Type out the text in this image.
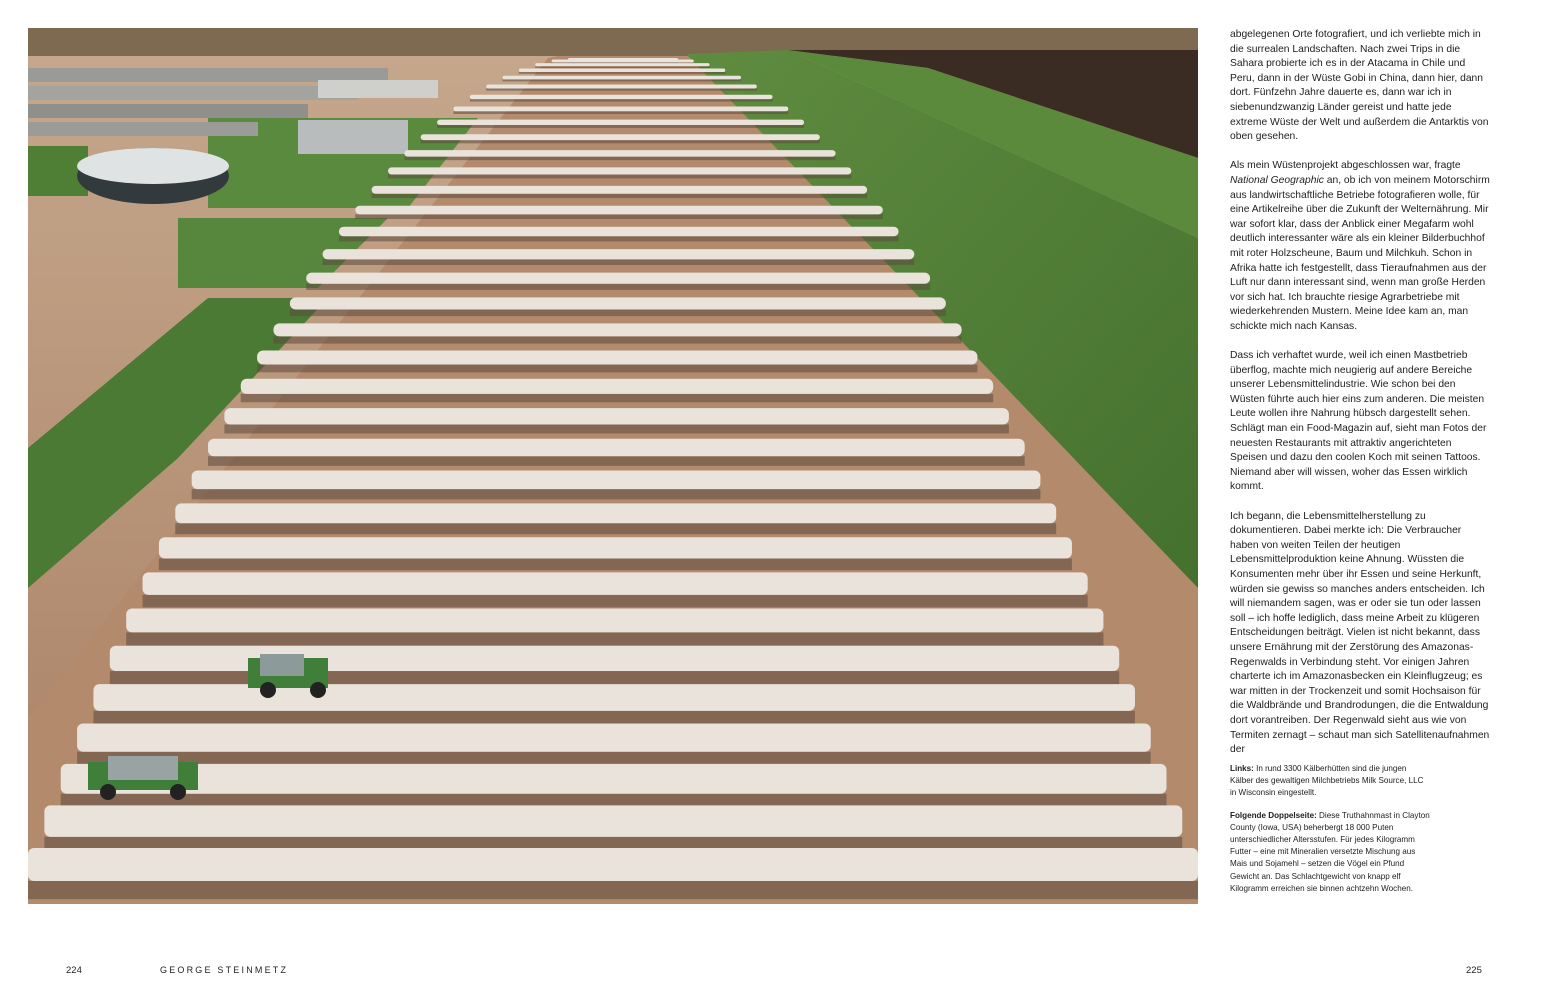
abgelegenen Orte fotografiert, und ich verliebte mich in die surrealen Landschaften. Nach zwei Trips in die Sahara probierte ich es in der Atacama in Chile und Peru, dann in der Wüste Gobi in China, dann hier, dann dort. Fünfzehn Jahre dauerte es, dann war ich in siebenundzwanzig Länder gereist und hatte jede extreme Wüste der Welt und außerdem die Antarktis von oben gesehen.

Als mein Wüstenprojekt abgeschlossen war, fragte National Geographic an, ob ich von meinem Motorschirm aus landwirtschaftliche Betriebe fotografieren wolle, für eine Artikelreihe über die Zukunft der Welternährung. Mir war sofort klar, dass der Anblick einer Megafarm wohl deutlich interessanter wäre als ein kleiner Bilderbuchhof mit roter Holzscheune, Baum und Milchkuh. Schon in Afrika hatte ich festgestellt, dass Tieraufnahmen aus der Luft nur dann interessant sind, wenn man große Herden vor sich hat. Ich brauchte riesige Agrarbetriebe mit wiederkehrenden Mustern. Meine Idee kam an, man schickte mich nach Kansas.

Dass ich verhaftet wurde, weil ich einen Mastbetrieb überflog, machte mich neugierig auf andere Bereiche unserer Lebensmittelindustrie. Wie schon bei den Wüsten führte auch hier eins zum anderen. Die meisten Leute wollen ihre Nahrung hübsch dargestellt sehen. Schlägt man ein Food-Magazin auf, sieht man Fotos der neuesten Restaurants mit attraktiv angerichteten Speisen und dazu den coolen Koch mit seinen Tattoos. Niemand aber will wissen, woher das Essen wirklich kommt.

Ich begann, die Lebensmittelherstellung zu dokumentieren. Dabei merkte ich: Die Verbraucher haben von weiten Teilen der heutigen Lebensmittelproduktion keine Ahnung. Wüssten die Konsumenten mehr über ihr Essen und seine Herkunft, würden sie gewiss so manches anders entscheiden. Ich will niemandem sagen, was er oder sie tun oder lassen soll – ich hoffe lediglich, dass meine Arbeit zu klügeren Entscheidungen beiträgt. Vielen ist nicht bekannt, dass unsere Ernährung mit der Zerstörung des Amazonas-Regenwalds in Verbindung steht. Vor einigen Jahren charterte ich im Amazonasbecken ein Kleinflugzeug; es war mitten in der Trockenzeit und somit Hochsaison für die Waldbrände und Brandrodungen, die die Entwaldung dort vorantreiben. Der Regenwald sieht aus wie von Termiten zernagt – schaut man sich Satellitenaufnahmen der

Links: In rund 3300 Kälberhütten sind die jungen Kälber des gewaltigen Milchbetriebs Milk Source, LLC in Wisconsin eingestellt.

Folgende Doppelseite: Diese Truthahnmast in Clayton County (Iowa, USA) beherbergt 18 000 Puten unterschiedlicher Altersstufen. Für jedes Kilogramm Futter – eine mit Mineralien versetzte Mischung aus Mais und Sojamehl – setzen die Vögel ein Pfund Gewicht an. Das Schlachtgewicht von knapp elf Kilogramm erreichen sie binnen achtzehn Wochen.

224	GEORGE STEINMETZ	225
